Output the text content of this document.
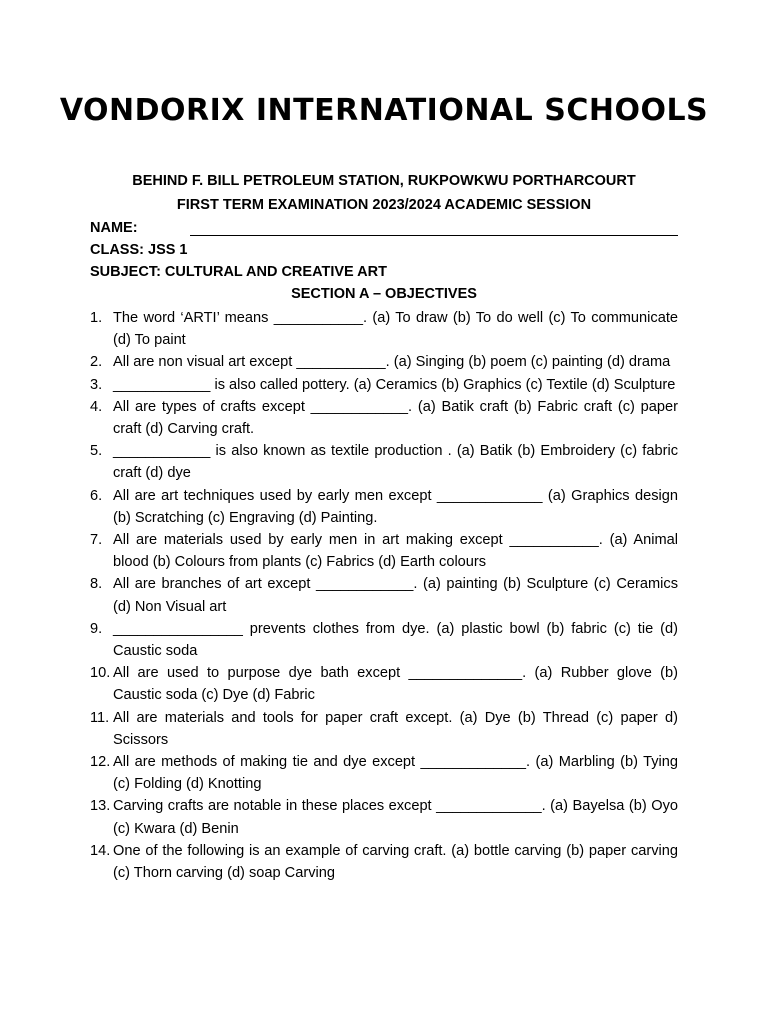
VONDORIX INTERNATIONAL SCHOOLS
BEHIND F. BILL PETROLEUM STATION, RUKPOWKWU PORTHARCOURT
FIRST TERM EXAMINATION 2023/2024 ACADEMIC SESSION
NAME:
CLASS: JSS 1
SUBJECT: CULTURAL AND CREATIVE ART
SECTION A – OBJECTIVES
1. The word ‘ARTI’ means ___________. (a) To draw (b) To do well (c) To communicate (d) To paint
2. All are non visual art except ___________. (a) Singing (b) poem (c) painting (d) drama
3. ____________ is also called pottery. (a) Ceramics (b) Graphics (c) Textile (d) Sculpture
4. All are types of crafts except ____________. (a) Batik craft (b) Fabric craft (c) paper craft (d) Carving craft.
5. ____________ is also known as textile production . (a) Batik (b) Embroidery (c) fabric craft (d) dye
6. All are art techniques used by early men except _____________ (a) Graphics design (b) Scratching (c) Engraving (d) Painting.
7. All are materials used by early men in art making except ___________. (a) Animal blood (b) Colours from plants (c) Fabrics (d) Earth colours
8. All are branches of art except ____________. (a) painting (b) Sculpture (c) Ceramics (d) Non Visual art
9. ________________ prevents clothes from dye. (a) plastic bowl (b) fabric (c) tie (d) Caustic soda
10. All are used to purpose dye bath except ______________. (a) Rubber glove (b) Caustic soda (c) Dye (d) Fabric
11. All are materials and tools for paper craft except. (a) Dye (b) Thread (c) paper d) Scissors
12. All are methods of making tie and dye except _____________. (a) Marbling (b) Tying (c) Folding (d) Knotting
13. Carving crafts are notable in these places except _____________. (a) Bayelsa (b) Oyo (c) Kwara (d) Benin
14. One of the following is an example of carving craft. (a) bottle carving (b) paper carving (c) Thorn carving (d) soap Carving
